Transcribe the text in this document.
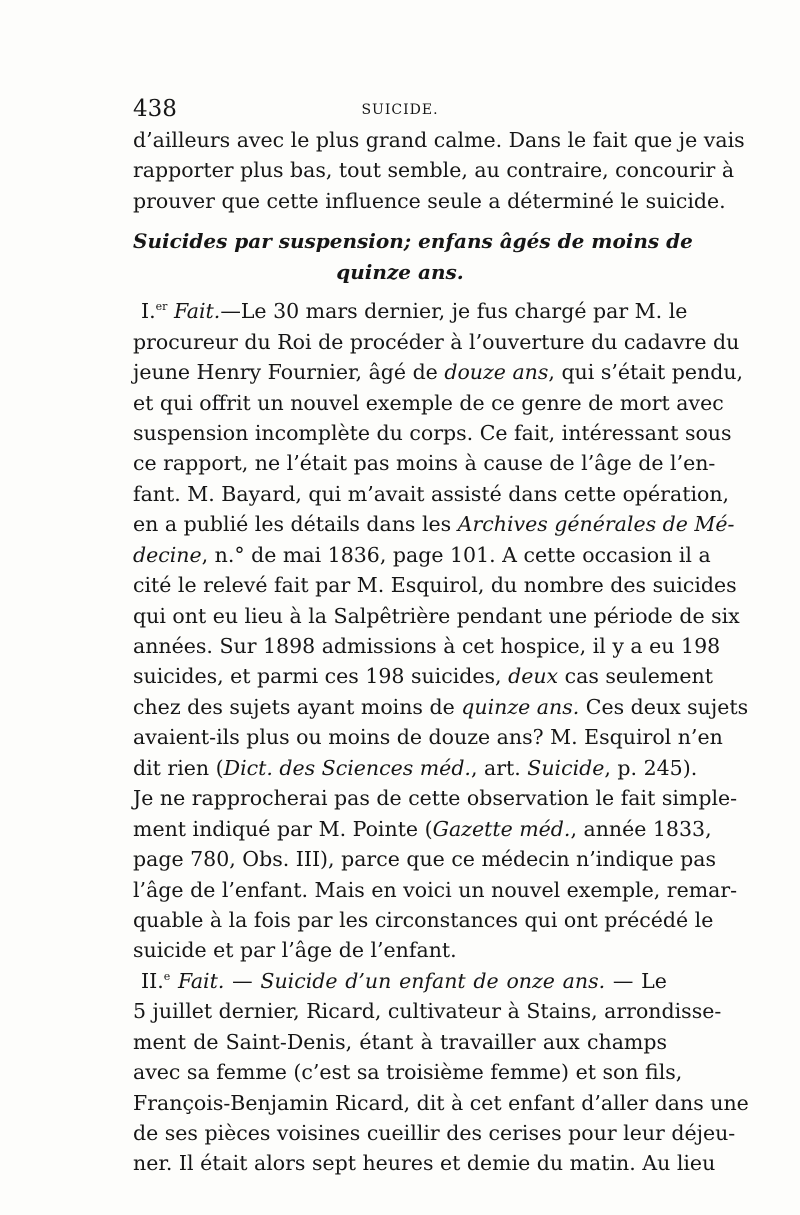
438	SUICIDE.
d’ailleurs avec le plus grand calme. Dans le fait que je vais
rapporter plus bas, tout semble, au contraire, concourir à
prouver que cette influence seule a déterminé le suicide.
Suicides par suspension; enfans âgés de moins de
quinze ans.
I.$^{er}$ Fait.—Le 30 mars dernier, je fus chargé par M. le
procureur du Roi de procéder à l’ouverture du cadavre du
jeune Henry Fournier, âgé de douze ans, qui s’était pendu,
et qui offrit un nouvel exemple de ce genre de mort avec
suspension incomplète du corps. Ce fait, intéressant sous
ce rapport, ne l’était pas moins à cause de l’âge de l’en-
fant. M. Bayard, qui m’avait assisté dans cette opération,
en a publié les détails dans les Archives générales de Mé-
decine, n.° de mai 1836, page 101. A cette occasion il a
cité le relevé fait par M. Esquirol, du nombre des suicides
qui ont eu lieu à la Salpêtrière pendant une période de six
années. Sur 1898 admissions à cet hospice, il y a eu 198
suicides, et parmi ces 198 suicides, deux cas seulement
chez des sujets ayant moins de quinze ans. Ces deux sujets
avaient-ils plus ou moins de douze ans? M. Esquirol n’en
dit rien (Dict. des Sciences méd., art. Suicide, p. 245).
Je ne rapprocherai pas de cette observation le fait simple-
ment indiqué par M. Pointe (Gazette méd., année 1833,
page 780, Obs. III), parce que ce médecin n’indique pas
l’âge de l’enfant. Mais en voici un nouvel exemple, remar-
quable à la fois par les circonstances qui ont précédé le
suicide et par l’âge de l’enfant.
II.$^e$ Fait. — Suicide d’un enfant de onze ans. — Le
5 juillet dernier, Ricard, cultivateur à Stains, arrondisse-
ment de Saint-Denis, étant à travailler aux champs
avec sa femme (c’est sa troisième femme) et son fils,
François-Benjamin Ricard, dit à cet enfant d’aller dans une
de ses pièces voisines cueillir des cerises pour leur déjeu-
ner. Il était alors sept heures et demie du matin. Au lieu
